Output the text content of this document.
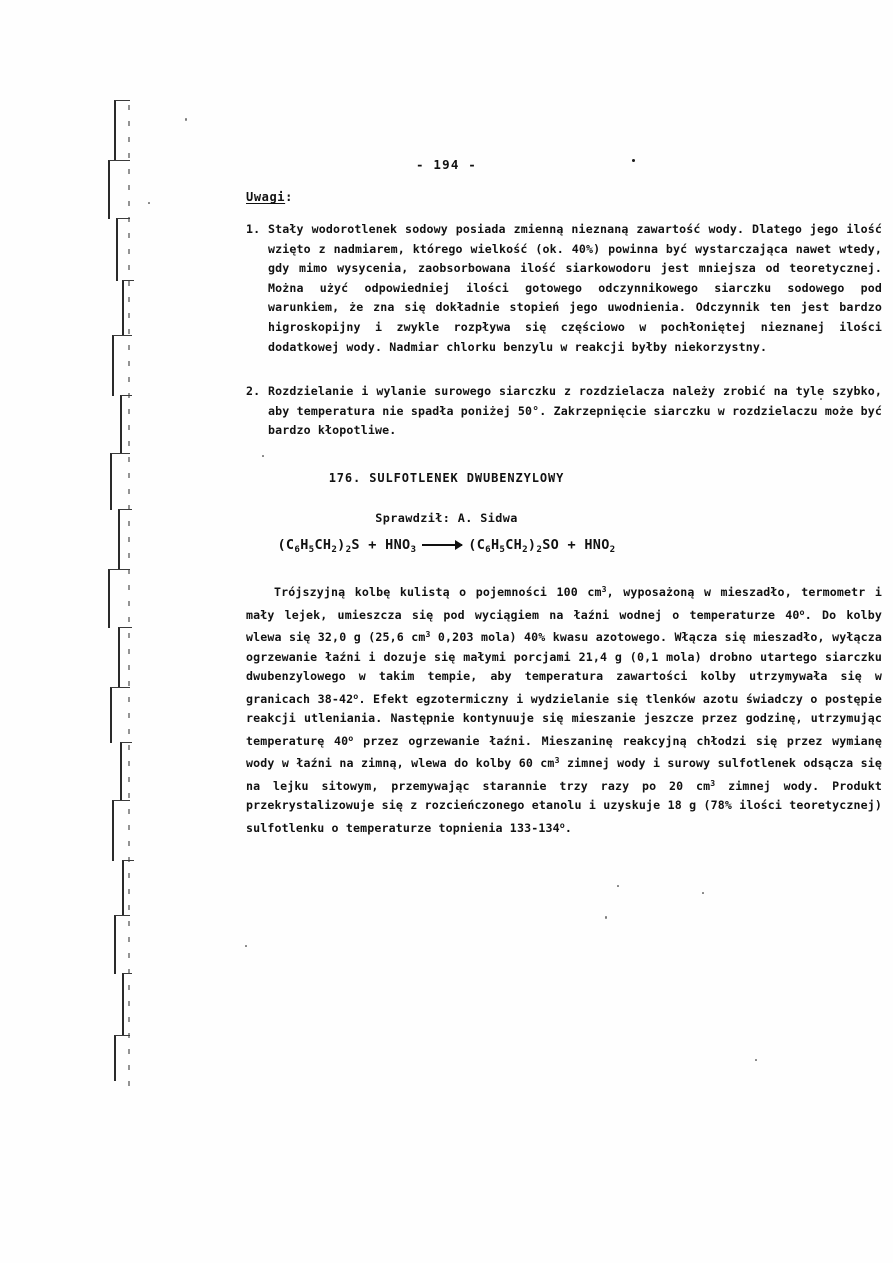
- 194 -
Uwagi:
1. Stały wodorotlenek sodowy posiada zmienną nieznaną zawartość wody. Dlatego jego ilość wzięto z nadmiarem, którego wielkość (ok. 40%) powinna być wystarczająca nawet wtedy, gdy mimo wysycenia, zaobsorbowana ilość siarkowodoru jest mniejsza od teoretycznej. Można użyć odpowiedniej ilości gotowego odczynnikowego siarczku sodowego pod warunkiem, że zna się dokładnie stopień jego uwodnienia. Odczynnik ten jest bardzo higroskopijny i zwykle rozpływa się częściowo w pochłoniętej nieznanej ilości dodatkowej wody. Nadmiar chlorku benzylu w reakcji byłby niekorzystny.
2. Rozdzielanie i wylanie surowego siarczku z rozdzielacza należy zrobić na tyle szybko, aby temperatura nie spadła poniżej 50°. Zakrzepnięcie siarczku w rozdzielaczu może być bardzo kłopotliwe.
176. SULFOTLENEK DWUBENZYLOWY
Sprawdził: A. Sidwa
$(C_6H_5CH_2)_2S + HNO_3 \to (C_6H_5CH_2)_2SO + HNO_2$
Trójszyjną kolbę kulistą o pojemności 100 $cm^3$, wyposażoną w mieszadło, termometr i mały lejek, umieszcza się pod wyciągiem na łaźni wodnej o temperaturze 40$^o$. Do kolby wlewa się 32,0 g (25,6 $cm^3$ 0,203 mola) 40% kwasu azotowego. Włącza się mieszadło, wyłącza ogrzewanie łaźni i dozuje się małymi porcjami 21,4 g (0,1 mola) drobno utartego siarczku dwubenzylowego w takim tempie, aby temperatura zawartości kolby utrzymywała się w granicach 38-42$^o$. Efekt egzotermiczny i wydzielanie się tlenków azotu świadczy o postępie reakcji utleniania. Następnie kontynuuje się mieszanie jeszcze przez godzinę, utrzymując temperaturę 40$^o$ przez ogrzewanie łaźni. Mieszaninę reakcyjną chłodzi się przez wymianę wody w łaźni na zimną, wlewa do kolby 60 $cm^3$ zimnej wody i surowy sulfotlenek odsącza się na lejku sitowym, przemywając starannie trzy razy po 20 $cm^3$ zimnej wody. Produkt przekrystalizowuje się z rozcieńczonego etanolu i uzyskuje 18 g (78% ilości teoretycznej) sulfotlenku o temperaturze topnienia 133-134$^o$.
